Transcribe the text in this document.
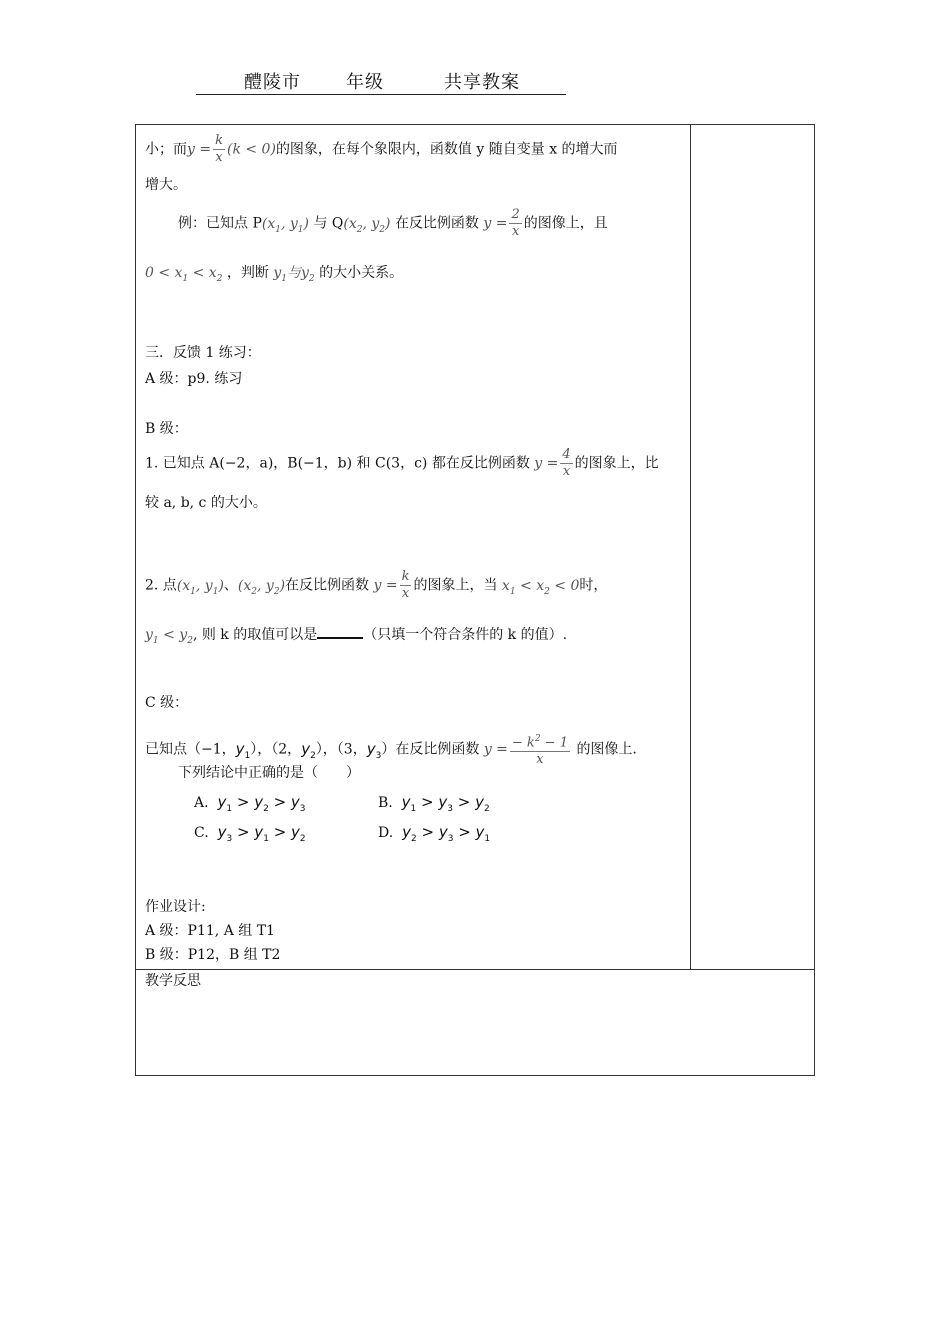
醴陵市	年级	共享教案
小；而$y = \frac{k}{x} (k < 0)$的图象，在每个象限内，函数值 y 随自变量 x 的增大而
增大。
例：已知点 $P(x_1$, $y_1$) 与 $Q(x_2$, $y_2$) 在反比例函数 $y = \frac{2}{x}$ 的图像上，且
$0 < x_1 < x_2$ ，判断 $y_1$与$y_2$ 的大小关系。
三．反馈 1 练习：
A 级：p9. 练习
B 级：
1. 已知点 A(−2，a)，B(−1，b) 和 C(3，c) 都在反比例函数 $y = \frac{4}{x}$ 的图象上，比
较 a, b, c 的大小。
2. 点($x_1$, $y_1$)、($x_2$, $y_2$)在反比例函数 $y = \frac{k}{x}$ 的图象上，当 $x_1 < x_2 < 0$时，
$y_1 < y_2$, 则 k 的取值可以是	（只填一个符合条件的 k 的值）.
C 级：
已知点（−1，$y_1$），（2，$y_2$），（3，$y_3$）在反比例函数 $y = \frac{- k^2 - 1}{x}$ 的图像上.
下列结论中正确的是（　　）
A. $y_1 > y_2 > y_3$	B. $y_1 > y_3 > y_2$
C. $y_3 > y_1 > y_2$	D. $y_2 > y_3 > y_1$
作业设计:
A 级：P11, A 组 T1
B 级：P12，B 组 T2
教学反思
